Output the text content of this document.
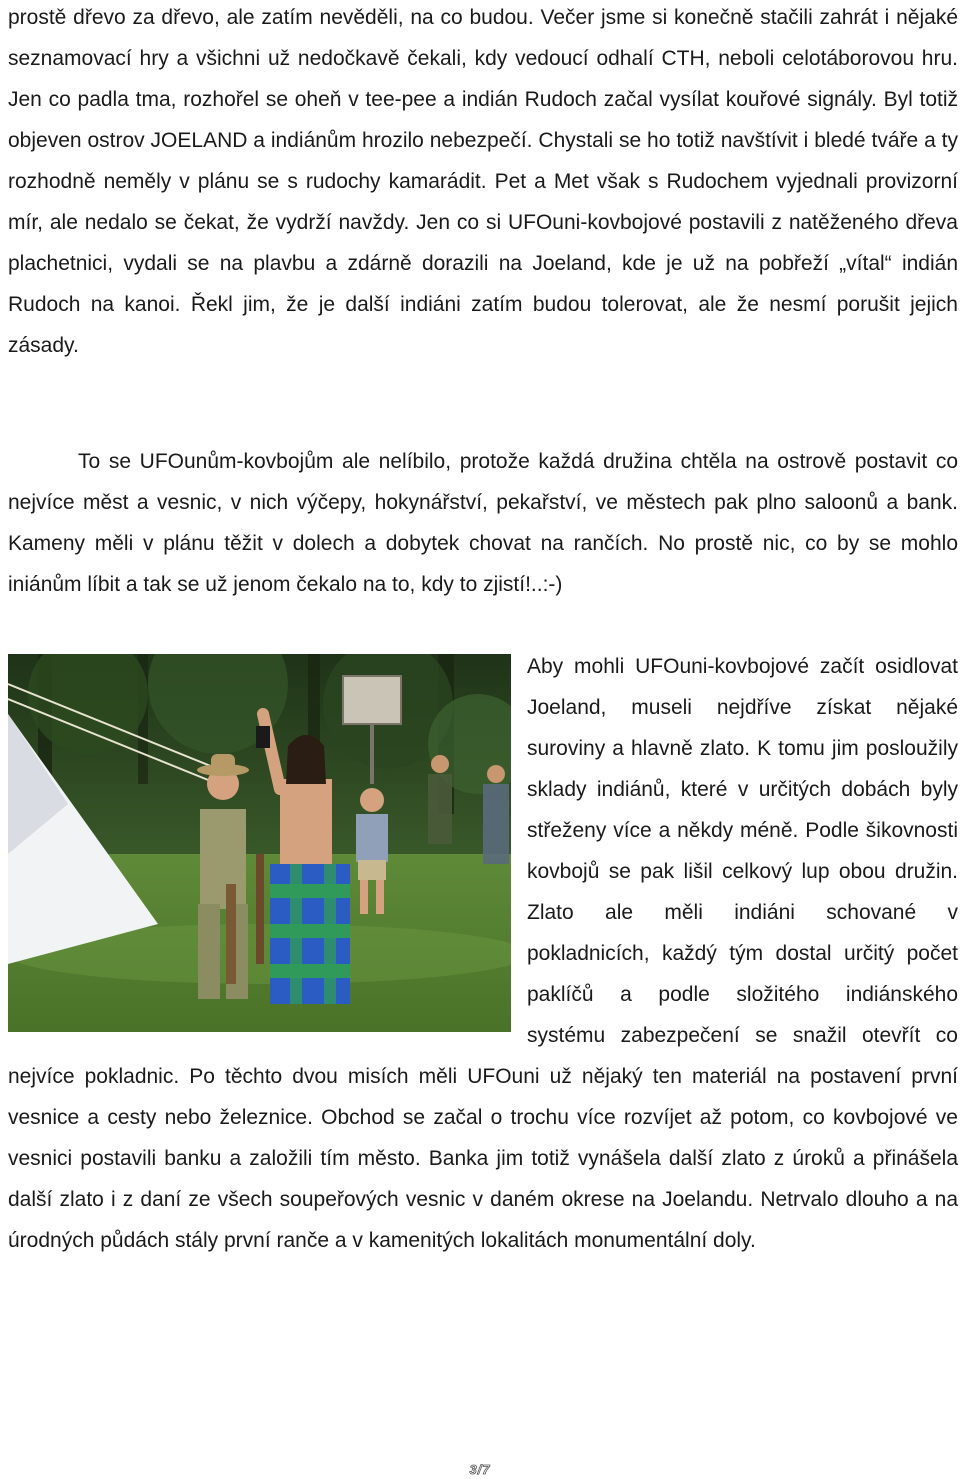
prostě dřevo za dřevo, ale zatím nevěděli, na co budou. Večer jsme si konečně stačili zahrát i nějaké seznamovací hry a všichni už nedočkavě čekali, kdy vedoucí odhalí CTH, neboli celotáborovou hru. Jen co padla tma, rozhořel se oheň v tee-pee a indián Rudoch začal vysílat kouřové signály. Byl totiž objeven ostrov JOELAND a indiánům hrozilo nebezpečí. Chystali se ho totiž navštívit i bledé tváře a ty rozhodně neměly v plánu se s rudochy kamarádit. Pet a Met však s Rudochem vyjednali provizorní mír, ale nedalo se čekat, že vydrží navždy. Jen co si UFOuni-kovbojové postavili z natěženého dřeva plachetnici, vydali se na plavbu a zdárně dorazili na Joeland, kde je už na pobřeží „vítal“ indián Rudoch na kanoi. Řekl jim, že je další indiáni zatím budou tolerovat, ale že nesmí porušit jejich zásady.

To se UFOunům-kovbojům ale nelíbilo, protože každá družina chtěla na ostrově postavit co nejvíce měst a vesnic, v nich výčepy, hokynářství, pekařství, ve městech pak plno saloonů a bank. Kameny měli v plánu těžit v dolech a dobytek chovat na rančích. No prostě nic, co by se mohlo iniánům líbit a tak se už jenom čekalo na to, kdy to zjistí!..:-)

Aby mohli UFOuni-kovbojové začít osidlovat Joeland, museli nejdříve získat nějaké suroviny a hlavně zlato. K tomu jim posloužily sklady indiánů, které v určitých dobách byly střeženy více a někdy méně. Podle šikovnosti kovbojů se pak lišil celkový lup obou družin. Zlato ale měli indiáni schované v pokladnicích, každý tým dostal určitý počet paklíčů a podle složitého indiánského systému zabezpečení se snažil otevřít co nejvíce pokladnic. Po těchto dvou misích měli UFOuni už nějaký ten materiál na postavení první vesnice a cesty nebo železnice. Obchod se začal o trochu více rozvíjet až potom, co kovbojové ve vesnici postavili banku a založili tím město. Banka jim totiž vynášela další zlato z úroků a přinášela další zlato i z daní ze všech soupeřových vesnic v daném okrese na Joelandu. Netrvalo dlouho a na úrodných půdách stály první ranče a v kamenitých lokalitách monumentální doly.
3/7
